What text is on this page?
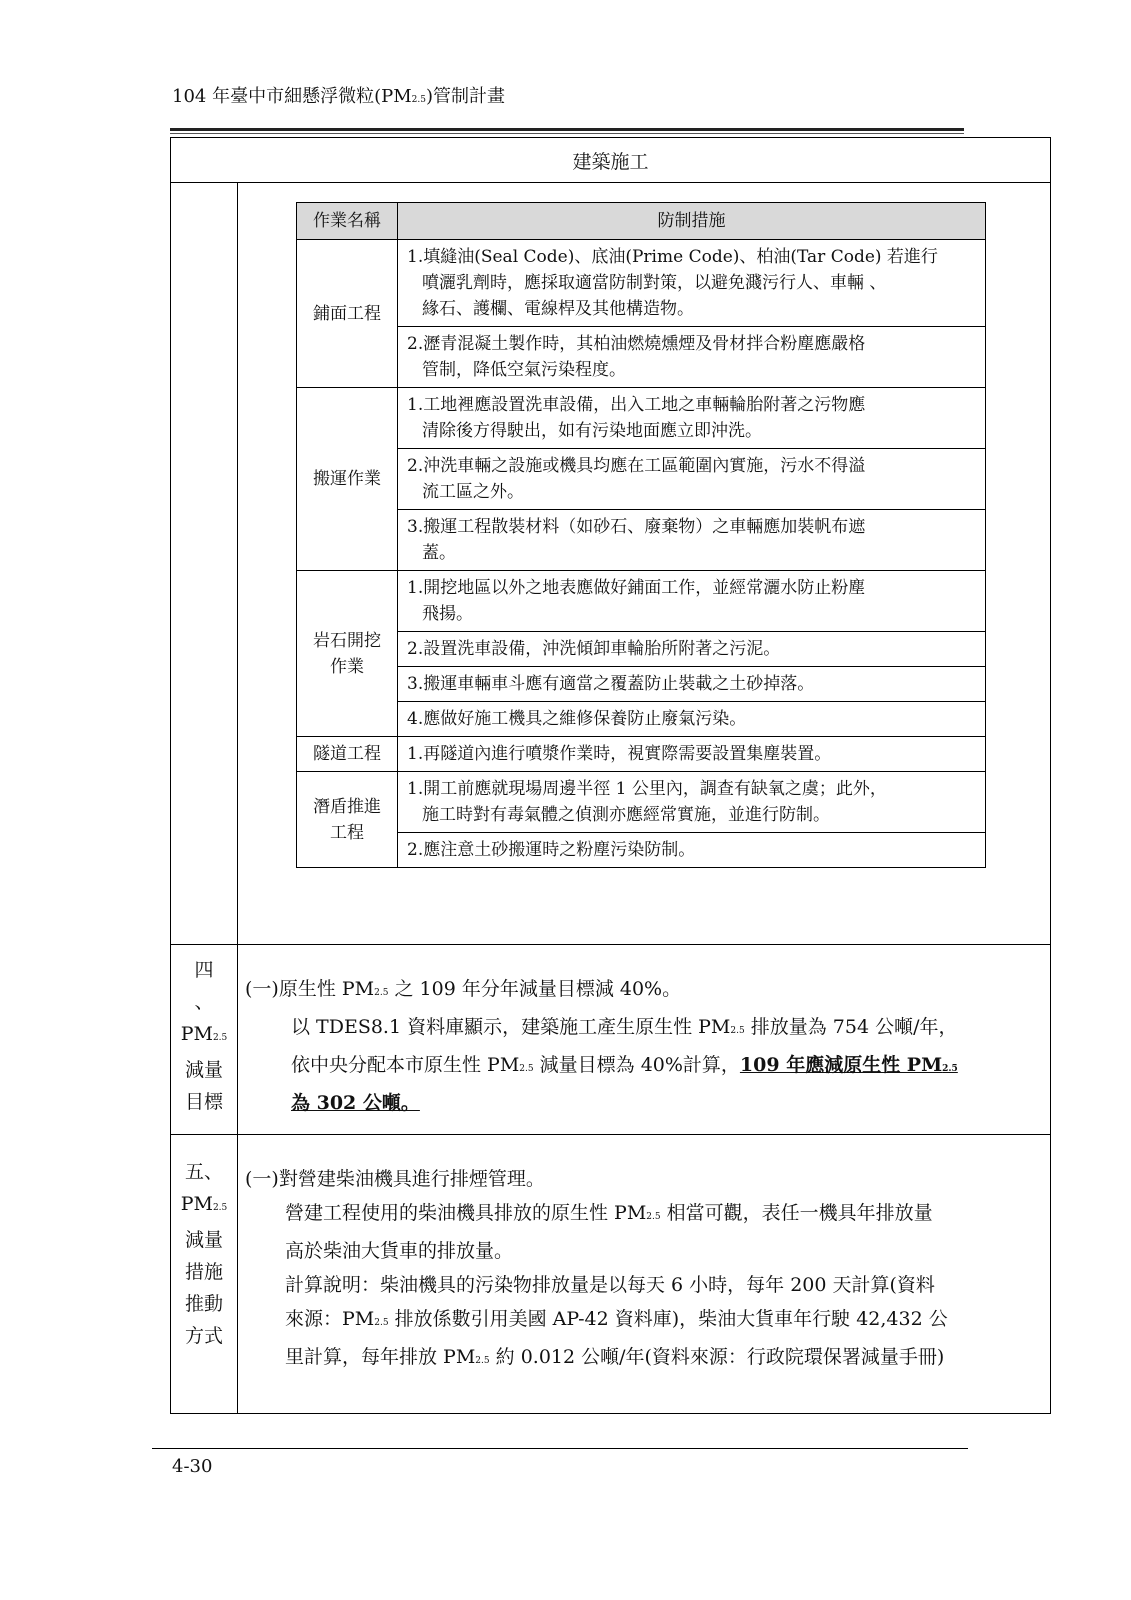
104 年臺中市細懸浮微粒(PM2.5)管制計畫
建築施工
作業名稱	防制措施
鋪面工程	1.填縫油(Seal Code)、底油(Prime Code)、柏油(Tar Code) 若進行
噴灑乳劑時，應採取適當防制對策，以避免濺污行人、車輛 、
緣石、護欄、電線桿及其他構造物。

	2.瀝青混凝土製作時，其柏油燃燒燻煙及骨材拌合粉塵應嚴格
管制，降低空氣污染程度。

搬運作業	1.工地裡應設置洗車設備，出入工地之車輛輪胎附著之污物應
清除後方得駛出，如有污染地面應立即沖洗。

	2.沖洗車輛之設施或機具均應在工區範圍內實施，污水不得溢
流工區之外。

	3.搬運工程散裝材料（如砂石、廢棄物）之車輛應加裝帆布遮
蓋。

岩石開挖
作業	1.開挖地區以外之地表應做好鋪面工作，並經常灑水防止粉塵
飛揚。

	2.設置洗車設備，沖洗傾卸車輪胎所附著之污泥。

	3.搬運車輛車斗應有適當之覆蓋防止裝載之土砂掉落。

	4.應做好施工機具之維修保養防止廢氣污染。

隧道工程	1.再隧道內進行噴漿作業時，視實際需要設置集塵裝置。

潛盾推進
工程	1.開工前應就現場周邊半徑 1 公里內，調查有缺氧之虞；此外，
施工時對有毒氣體之偵測亦應經常實施，並進行防制。

	2.應注意土砂搬運時之粉塵污染防制。
四
、
PM2.5
減量
目標
(一)原生性 PM2.5 之 109 年分年減量目標減 40%。
以 TDES8.1 資料庫顯示，建築施工產生原生性 PM2.5 排放量為 754 公噸/年，
依中央分配本市原生性 PM2.5 減量目標為 40%計算，109 年應減原生性 PM2.5
為 302 公噸。
五、
PM2.5
減量
措施
推動
方式
(一)對營建柴油機具進行排煙管理。
營建工程使用的柴油機具排放的原生性 PM2.5 相當可觀，表任一機具年排放量
高於柴油大貨車的排放量。
計算說明：柴油機具的污染物排放量是以每天 6 小時，每年 200 天計算(資料
來源：PM2.5 排放係數引用美國 AP-42 資料庫)，柴油大貨車年行駛 42,432 公
里計算，每年排放 PM2.5 約 0.012 公噸/年(資料來源：行政院環保署減量手冊)
4-30
